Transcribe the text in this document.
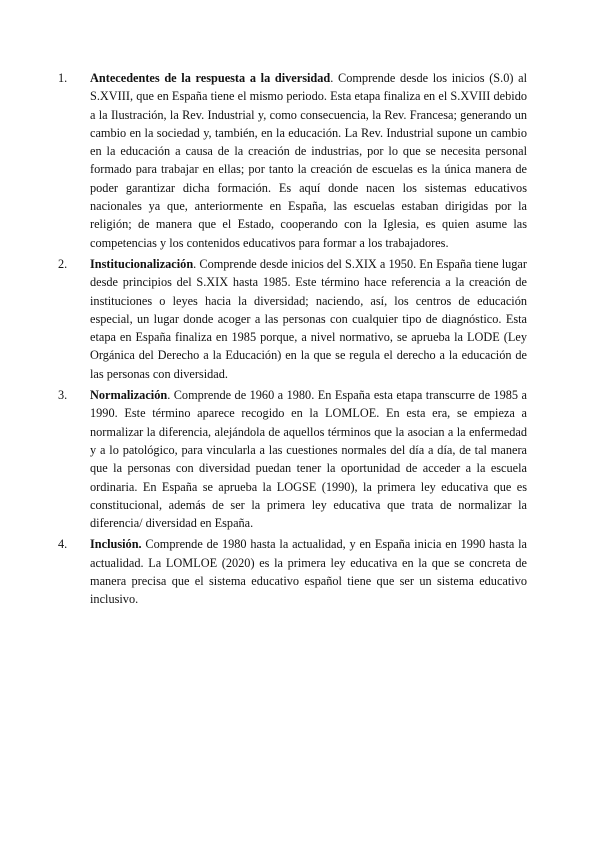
1.	Antecedentes de la respuesta a la diversidad. Comprende desde los inicios (S.0) al S.XVIII, que en España tiene el mismo periodo. Esta etapa finaliza en el S.XVIII debido a la Ilustración, la Rev. Industrial y, como consecuencia, la Rev. Francesa; generando un cambio en la sociedad y, también, en la educación. La Rev. Industrial supone un cambio en la educación a causa de la creación de industrias, por lo que se necesita personal formado para trabajar en ellas; por tanto la creación de escuelas es la única manera de poder garantizar dicha formación. Es aquí donde nacen los sistemas educativos nacionales ya que, anteriormente en España, las escuelas estaban dirigidas por la religión; de manera que el Estado, cooperando con la Iglesia, es quien asume las competencias y los contenidos educativos para formar a los trabajadores.
2.	Institucionalización. Comprende desde inicios del S.XIX a 1950. En España tiene lugar desde principios del S.XIX hasta 1985. Este término hace referencia a la creación de instituciones o leyes hacia la diversidad; naciendo, así, los centros de educación especial, un lugar donde acoger a las personas con cualquier tipo de diagnóstico. Esta etapa en España finaliza en 1985 porque, a nivel normativo, se aprueba la LODE (Ley Orgánica del Derecho a la Educación) en la que se regula el derecho a la educación de las personas con diversidad.
3.	Normalización. Comprende de 1960 a 1980. En España esta etapa transcurre de 1985 a 1990. Este término aparece recogido en la LOMLOE. En esta era, se empieza a normalizar la diferencia, alejándola de aquellos términos que la asocian a la enfermedad y a lo patológico, para vincularla a las cuestiones normales del día a día, de tal manera que la personas con diversidad puedan tener la oportunidad de acceder a la escuela ordinaria. En España se aprueba la LOGSE (1990), la primera ley educativa que es constitucional, además de ser la primera ley educativa que trata de normalizar la diferencia/ diversidad en España.
4.	Inclusión. Comprende de 1980 hasta la actualidad, y en España inicia en 1990 hasta la actualidad. La LOMLOE (2020) es la primera ley educativa en la que se concreta de manera precisa que el sistema educativo español tiene que ser un sistema educativo inclusivo.
